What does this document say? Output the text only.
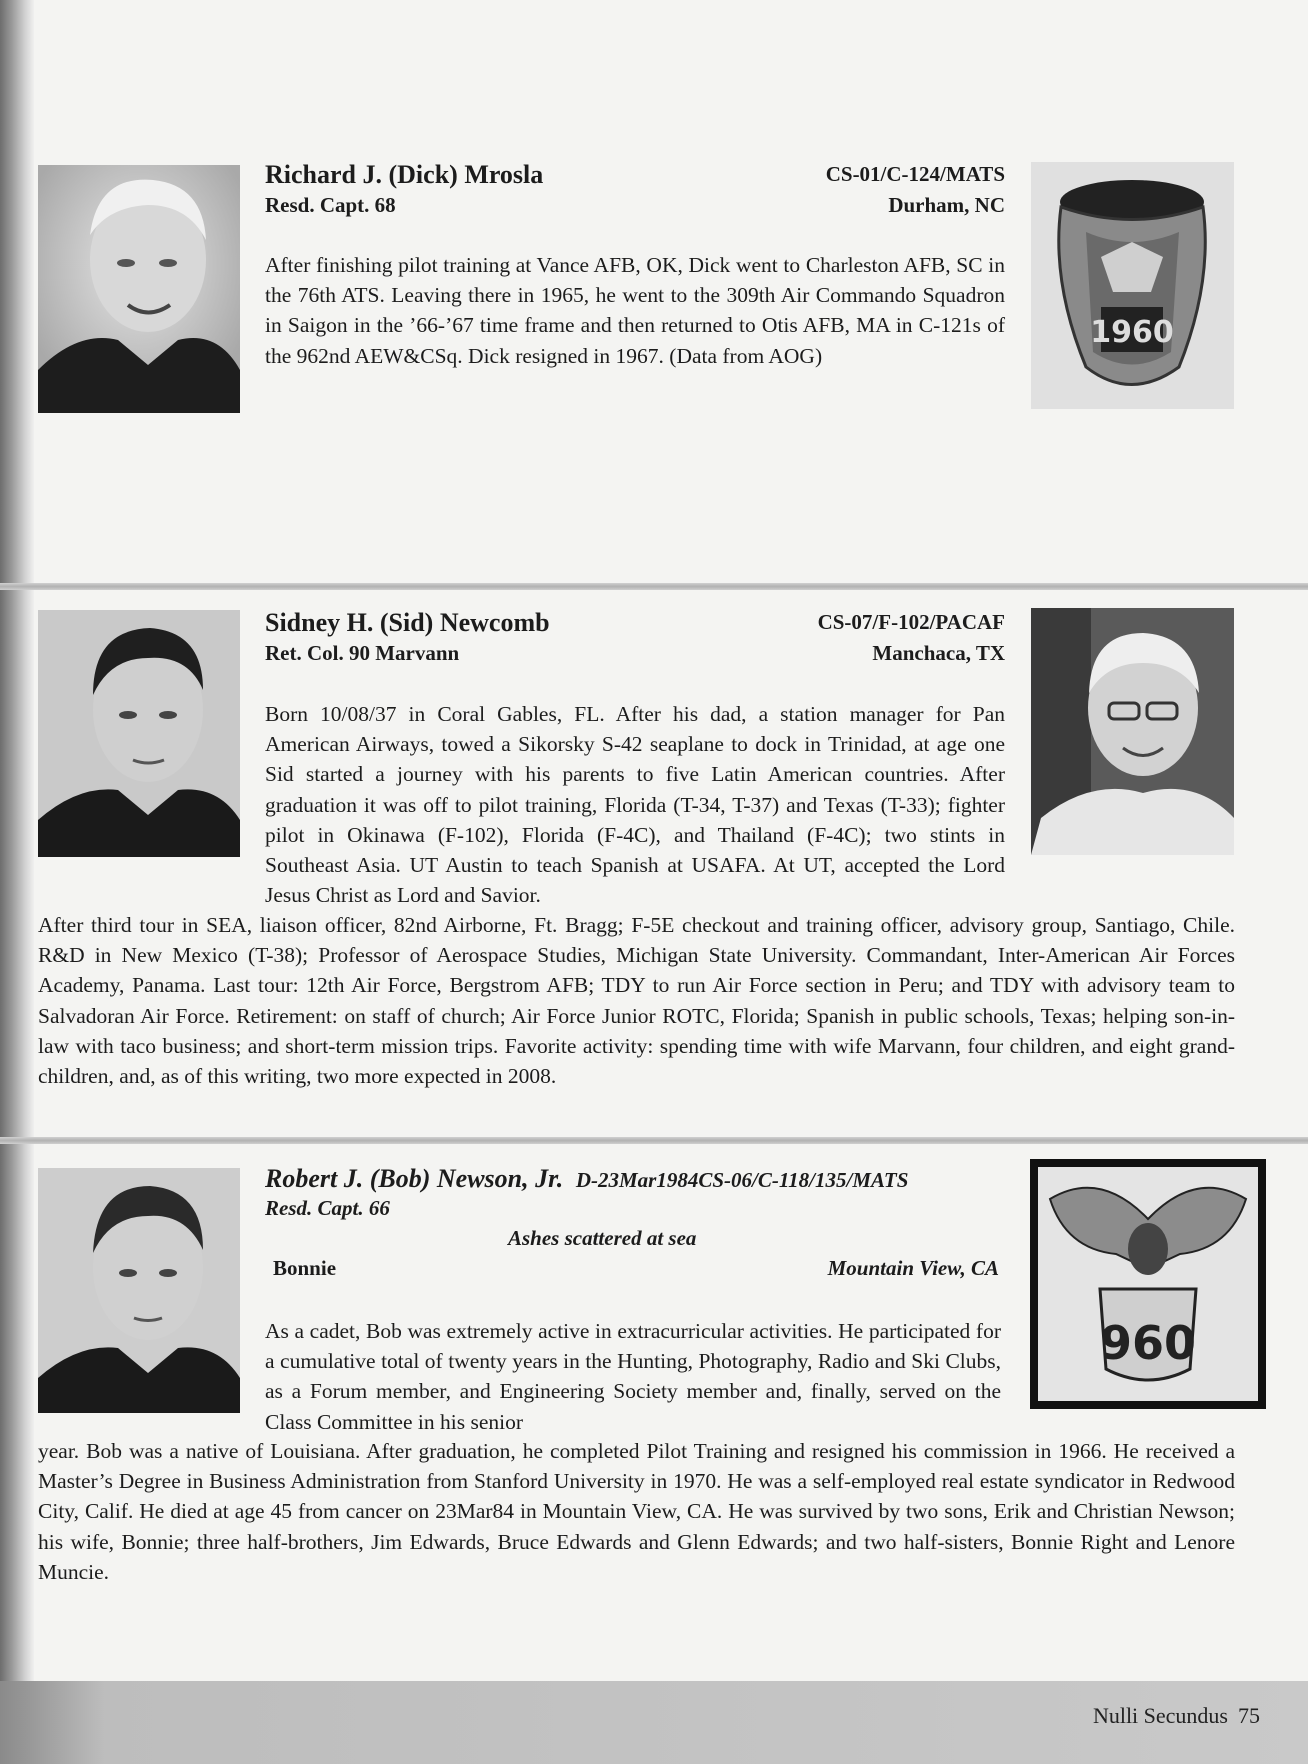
Richard J. (Dick) Mrosla
Resd. Capt. 68
CS-01/C-124/MATS
Durham, NC

After finishing pilot training at Vance AFB, OK, Dick went to Charleston AFB, SC in the 76th ATS. Leaving there in 1965, he went to the 309th Air Commando Squadron in Saigon in the ’66-’67 time frame and then returned to Otis AFB, MA in C-121s of the 962nd AEW&CSq. Dick resigned in 1967. (Data from AOG)

1960
Sidney H. (Sid) Newcomb
Ret. Col. 90 Marvann
CS-07/F-102/PACAF
Manchaca, TX

Born 10/08/37 in Coral Gables, FL. After his dad, a station manager for Pan American Airways, towed a Sikorsky S-42 seaplane to dock in Trinidad, at age one Sid started a journey with his parents to five Latin American countries. After graduation it was off to pilot training, Florida (T-34, T-37) and Texas (T-33); fighter pilot in Okinawa (F-102), Florida (F-4C), and Thailand (F-4C); two stints in Southeast Asia. UT Austin to teach Spanish at USAFA. At UT, accepted the Lord Jesus Christ as Lord and Savior.

After third tour in SEA, liaison officer, 82nd Airborne, Ft. Bragg; F-5E checkout and training officer, advisory group, Santiago, Chile. R&D in New Mexico (T-38); Professor of Aerospace Studies, Michigan State University. Commandant, Inter-American Air Forces Academy, Panama. Last tour: 12th Air Force, Bergstrom AFB; TDY to run Air Force section in Peru; and TDY with advisory team to Salvadoran Air Force. Retirement: on staff of church; Air Force Junior ROTC, Florida; Spanish in public schools, Texas; helping son-in-law with taco business; and short-term mission trips. Favorite activity: spending time with wife Marvann, four children, and eight grand-children, and, as of this writing, two more expected in 2008.

Robert J. (Bob) Newson, Jr. D-23Mar1984CS-06/C-118/135/MATS
Resd. Capt. 66
Ashes scattered at sea
Bonnie	Mountain View, CA

As a cadet, Bob was extremely active in extracurricular activities. He participated for a cumulative total of twenty years in the Hunting, Photography, Radio and Ski Clubs, as a Forum member, and Engineering Society member and, finally, served on the Class Committee in his senior

year. Bob was a native of Louisiana. After graduation, he completed Pilot Training and resigned his commission in 1966. He received a Master’s Degree in Business Administration from Stanford University in 1970. He was a self-employed real estate syndicator in Redwood City, Calif. He died at age 45 from cancer on 23Mar84 in Mountain View, CA. He was survived by two sons, Erik and Christian Newson; his wife, Bonnie; three half-brothers, Jim Edwards, Bruce Edwards and Glenn Edwards; and two half-sisters, Bonnie Right and Lenore Muncie.

960
Nulli Secundus 75
